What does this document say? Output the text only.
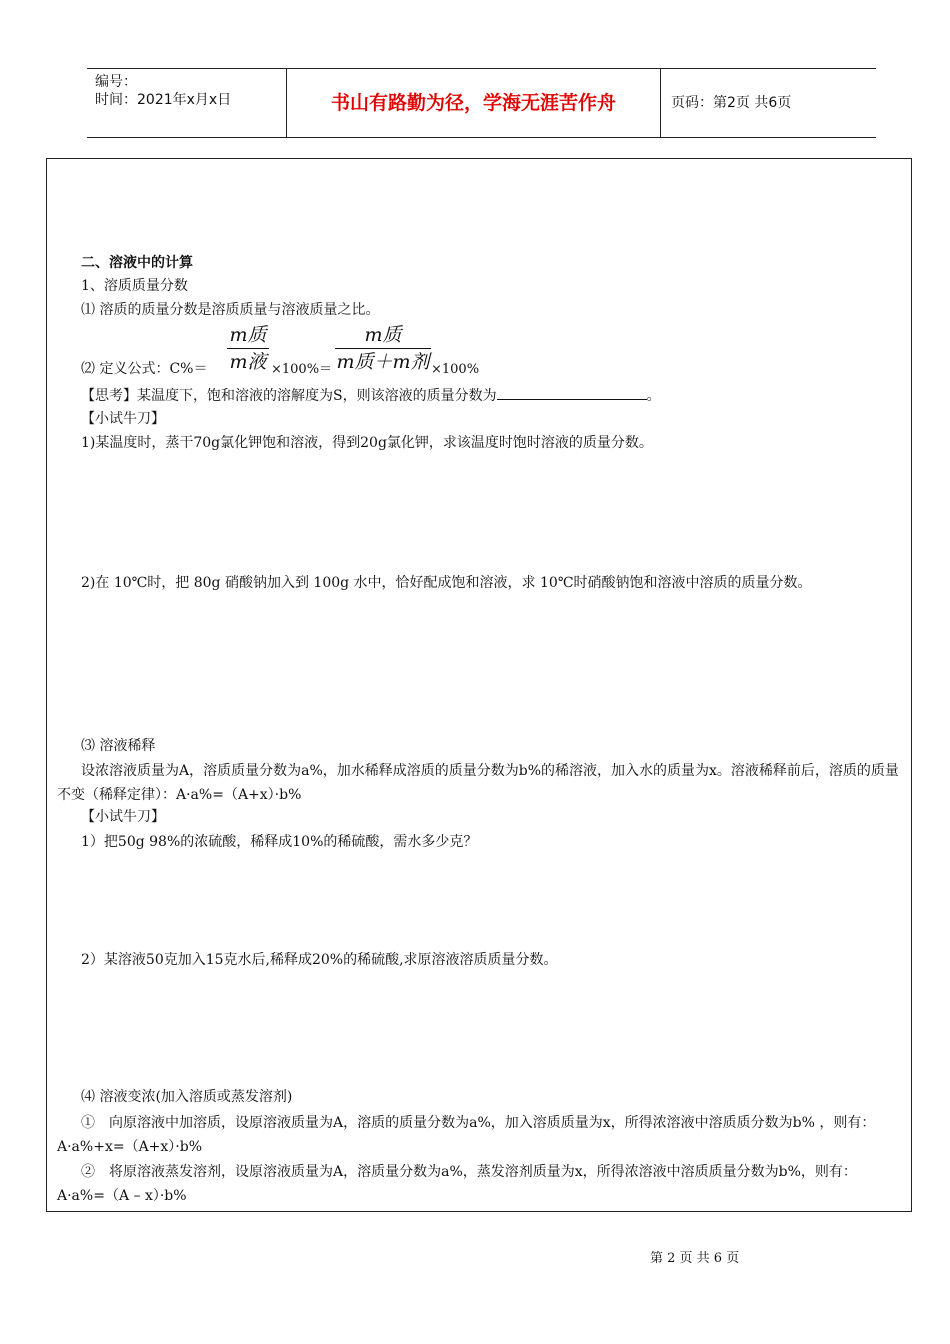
编号：
时间：2021年x月x日	书山有路勤为径，学海无涯苦作舟	页码：第2页 共6页
二、溶液中的计算
1、溶质质量分数
⑴ 溶质的质量分数是溶质质量与溶液质量之比。
⑵ 定义公式：C%＝
m质
m液 ×100%＝
m质
m质＋m剂 ×100%
【思考】某温度下，饱和溶液的溶解度为S，则该溶液的质量分数为	。
【小试牛刀】
1)某温度时，蒸干70g氯化钾饱和溶液，得到20g氯化钾，求该温度时饱时溶液的质量分数。
2)在 10℃时，把 80g 硝酸钠加入到 100g 水中，恰好配成饱和溶液，求 10℃时硝酸钠饱和溶液中溶质的质量分数。
⑶ 溶液稀释
设浓溶液质量为A，溶质质量分数为a%，加水稀释成溶质的质量分数为b%的稀溶液，加入水的质量为x。溶液稀释前后，溶质的质量不变（稀释定律）：A·a%=（A+x）·b%
【小试牛刀】
1）把50g 98%的浓硫酸，稀释成10%的稀硫酸，需水多少克？
2）某溶液50克加入15克水后,稀释成20%的稀硫酸,求原溶液溶质质量分数。
⑷ 溶液变浓(加入溶质或蒸发溶剂)
①　向原溶液中加溶质，设原溶液质量为A，溶质的质量分数为a%，加入溶质质量为x，所得浓溶液中溶质质分数为b% ，则有：A·a%+x=（A+x）·b%
②　将原溶液蒸发溶剂，设原溶液质量为A，溶质量分数为a%，蒸发溶剂质量为x，所得浓溶液中溶质质量分数为b%，则有：A·a%=（A – x）·b%
第 2 页 共 6 页
